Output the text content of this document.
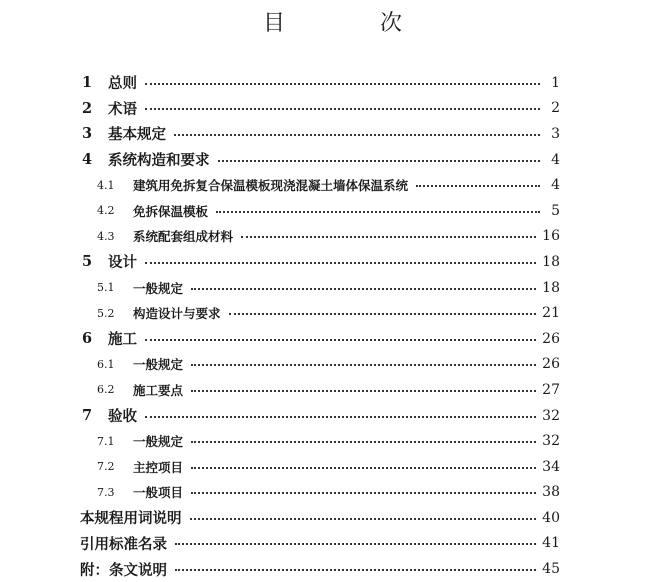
目 次
1	总则	1
2	术语	2
3	基本规定	3
4	系统构造和要求	4
4.1	建筑用免拆复合保温模板现浇混凝土墙体保温系统	4
4.2	免拆保温模板	5
4.3	系统配套组成材料	16
5	设计	18
5.1	一般规定	18
5.2	构造设计与要求	21
6	施工	26
6.1	一般规定	26
6.2	施工要点	27
7	验收	32
7.1	一般规定	32
7.2	主控项目	34
7.3	一般项目	38
本规程用词说明	40
引用标准名录	41
附：条文说明	45
